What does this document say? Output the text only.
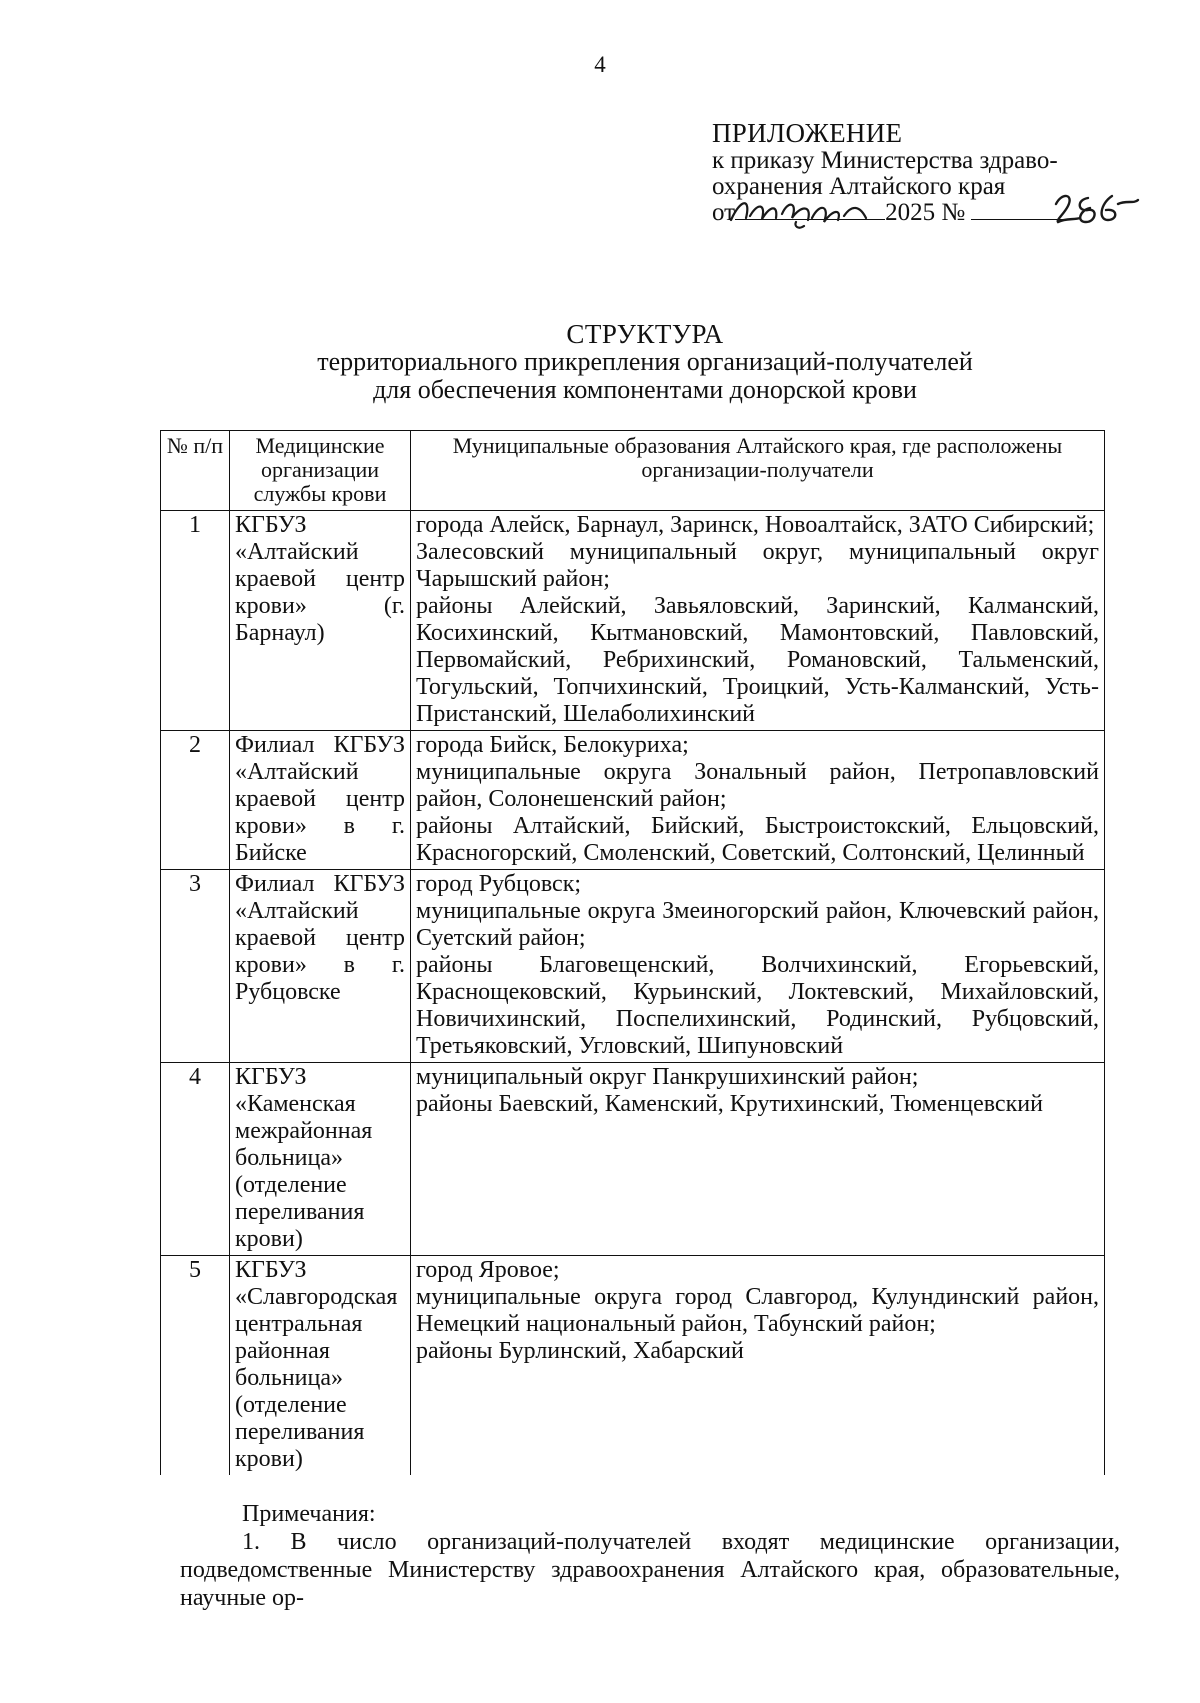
4
ПРИЛОЖЕНИЕ
к приказу Министерства здраво-
охранения Алтайского края
от	2025 №
СТРУКТУРА
территориального прикрепления организаций-получателей
для обеспечения компонентами донорской крови
№ п/п	Медицинские организации службы крови	Муниципальные образования Алтайского края, где расположены организации-получатели
1	КГБУЗ «Алтайский краевой центр крови» (г. Барнаул)	города Алейск, Барнаул, Заринск, Новоалтайск, ЗАТО Сибирский;
Залесовский муниципальный округ, муниципальный округ Чарышский район;
районы Алейский, Завьяловский, Заринский, Калманский, Косихинский, Кытмановский, Мамонтовский, Павловский, Первомайский, Ребрихинский, Романовский, Тальменский, Тогульский, Топчихинский, Троицкий, Усть-Калманский, Усть-Пристанский, Шелаболихинский

2	Филиал КГБУЗ «Алтайский краевой центр крови» в г. Бийске	города Бийск, Белокуриха;
муниципальные округа Зональный район, Петропавловский район, Солонешенский район;
районы Алтайский, Бийский, Быстроистокский, Ельцовский, Красногорский, Смоленский, Советский, Солтонский, Целинный

3	Филиал КГБУЗ «Алтайский краевой центр крови» в г. Рубцовске	город Рубцовск;
муниципальные округа Змеиногорский район, Ключевский район, Суетский район;
районы Благовещенский, Волчихинский, Егорьевский, Краснощековский, Курьинский, Локтевский, Михайловский, Новичихинский, Поспелихинский, Родинский, Рубцовский, Третьяковский, Угловский, Шипуновский

4	КГБУЗ «Каменская межрайонная больница» (отделение переливания крови)	муниципальный округ Панкрушихинский район;
районы Баевский, Каменский, Крутихинский, Тюменцевский

5	КГБУЗ «Славгородская центральная районная больница» (отделение переливания крови)	город Яровое;
муниципальные округа город Славгород, Кулундинский район, Немецкий национальный район, Табунский район;
районы Бурлинский, Хабарский
Примечания:
1. В число организаций-получателей входят медицинские организации, подведомственные Министерству здравоохранения Алтайского края, образовательные, научные ор-
